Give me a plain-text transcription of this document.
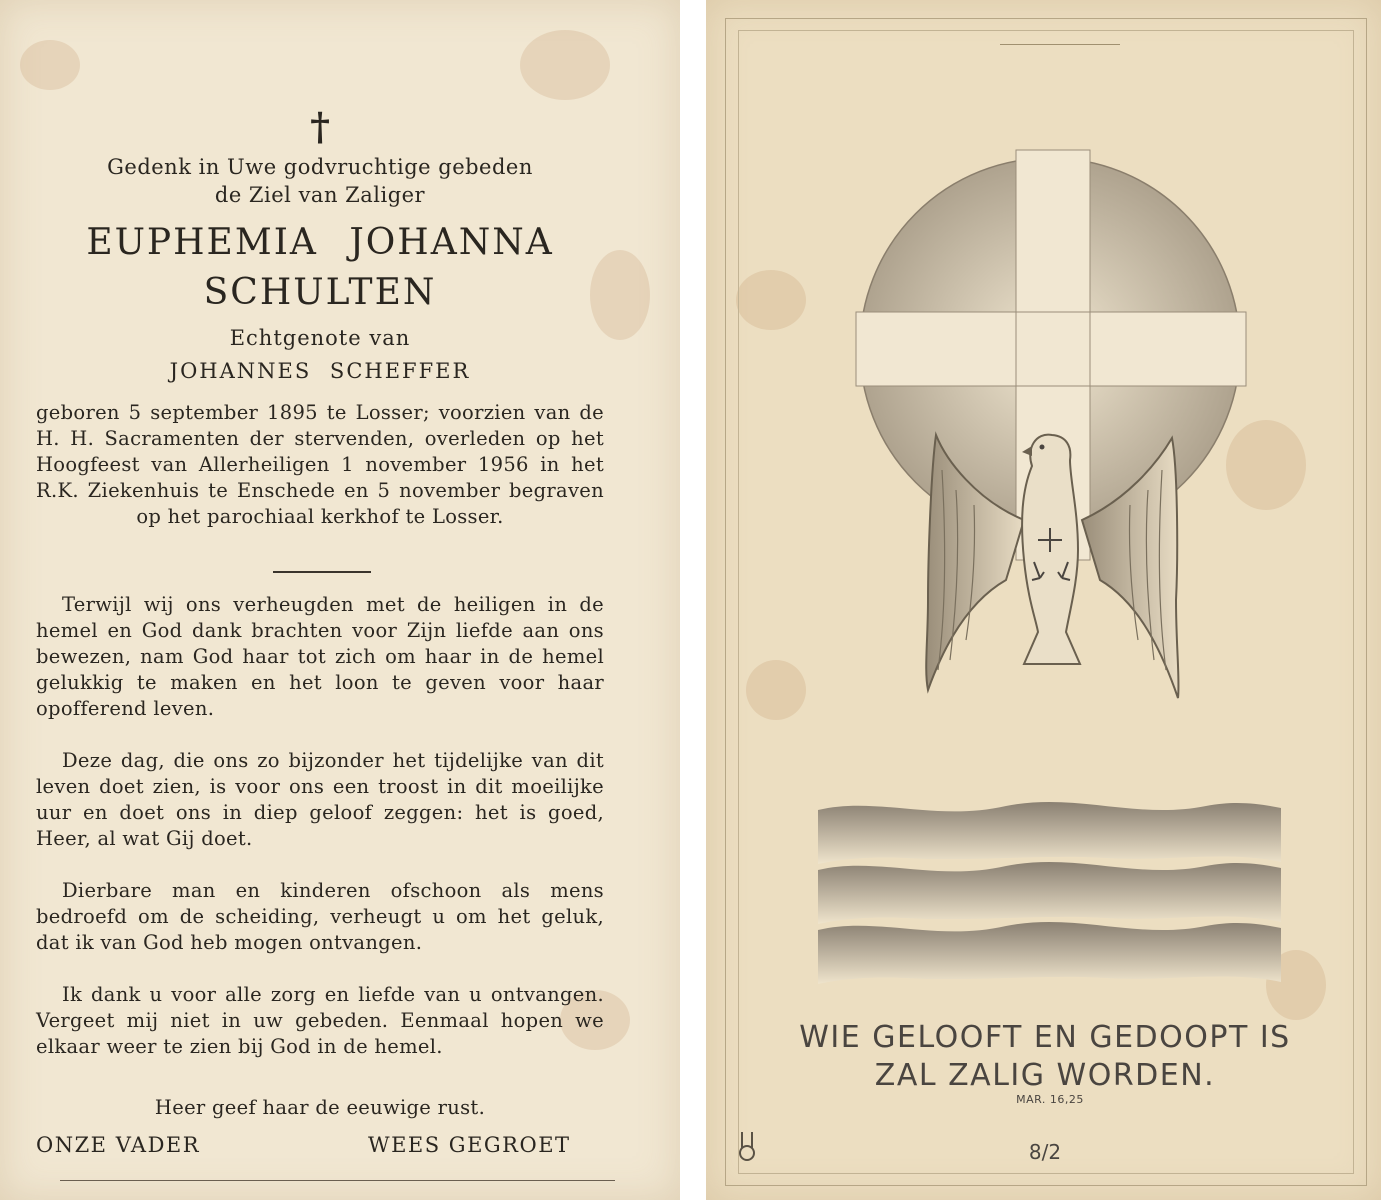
†
Gedenk in Uwe godvruchtige gebeden
de Ziel van Zaliger
EUPHEMIA JOHANNA
SCHULTEN
Echtgenote van
JOHANNES SCHEFFER

geboren 5 september 1895 te Losser; voorzien van de H. H. Sacramenten der stervenden, overleden op het Hoogfeest van Allerheiligen 1 november 1956 in het R.K. Ziekenhuis te Enschede en 5 november begraven op het parochiaal kerkhof te Losser.

Terwijl wij ons verheugden met de heiligen in de hemel en God dank brachten voor Zijn liefde aan ons bewezen, nam God haar tot zich om haar in de hemel gelukkig te maken en het loon te geven voor haar opofferend leven.

Deze dag, die ons zo bijzonder het tijdelijke van dit leven doet zien, is voor ons een troost in dit moeilijke uur en doet ons in diep geloof zeggen: het is goed, Heer, al wat Gij doet.

Dierbare man en kinderen ofschoon als mens bedroefd om de scheiding, verheugt u om het geluk, dat ik van God heb mogen ontvangen.

Ik dank u voor alle zorg en liefde van u ontvangen. Vergeet mij niet in uw gebeden. Eenmaal hopen we elkaar weer te zien bij God in de hemel.

Heer geef haar de eeuwige rust.
ONZE VADER	WEES GEGROET
WIE GELOOFT EN GEDOOPT IS
ZAL ZALIG WORDEN.
MAR. 16,25
8/2
